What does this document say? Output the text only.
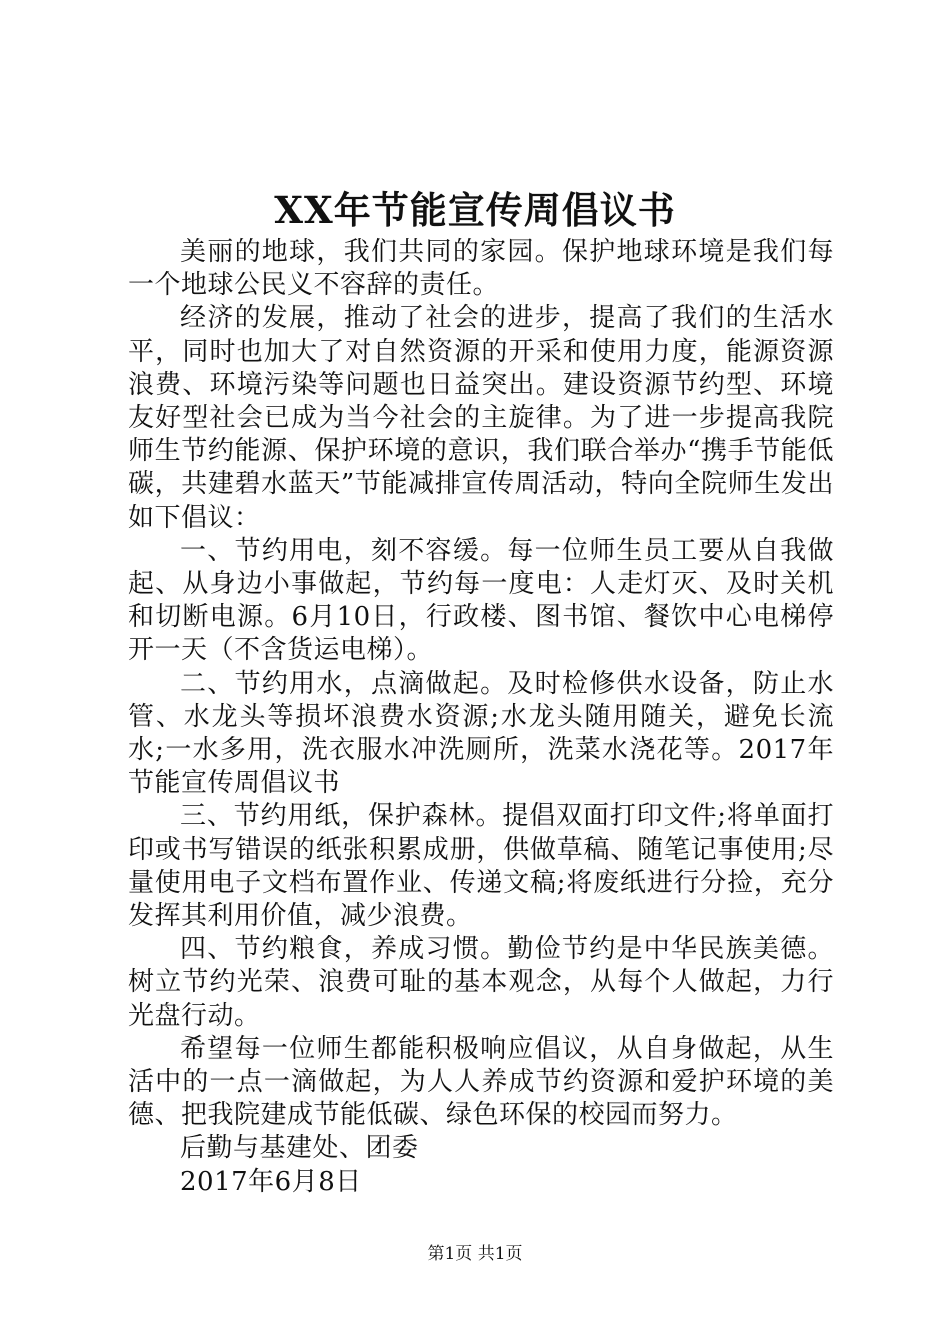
XX年节能宣传周倡议书

美丽的地球，我们共同的家园。保护地球环境是我们每一个地球公民义不容辞的责任。

经济的发展，推动了社会的进步，提高了我们的生活水平，同时也加大了对自然资源的开采和使用力度，能源资源浪费、环境污染等问题也日益突出。建设资源节约型、环境友好型社会已成为当今社会的主旋律。为了进一步提高我院师生节约能源、保护环境的意识，我们联合举办“携手节能低碳，共建碧水蓝天”节能减排宣传周活动，特向全院师生发出如下倡议：

一、节约用电，刻不容缓。每一位师生员工要从自我做起、从身边小事做起，节约每一度电：人走灯灭、及时关机和切断电源。6月10日，行政楼、图书馆、餐饮中心电梯停开一天（不含货运电梯）。

二、节约用水，点滴做起。及时检修供水设备，防止水管、水龙头等损坏浪费水资源;水龙头随用随关，避免长流水;一水多用，洗衣服水冲洗厕所，洗菜水浇花等。2017年节能宣传周倡议书

三、节约用纸，保护森林。提倡双面打印文件;将单面打印或书写错误的纸张积累成册，供做草稿、随笔记事使用;尽量使用电子文档布置作业、传递文稿;将废纸进行分捡，充分发挥其利用价值，减少浪费。

四、节约粮食，养成习惯。勤俭节约是中华民族美德。树立节约光荣、浪费可耻的基本观念，从每个人做起，力行光盘行动。

希望每一位师生都能积极响应倡议，从自身做起，从生活中的一点一滴做起，为人人养成节约资源和爱护环境的美德、把我院建成节能低碳、绿色环保的校园而努力。

后勤与基建处、团委

2017年6月8日

第1页 共1页
